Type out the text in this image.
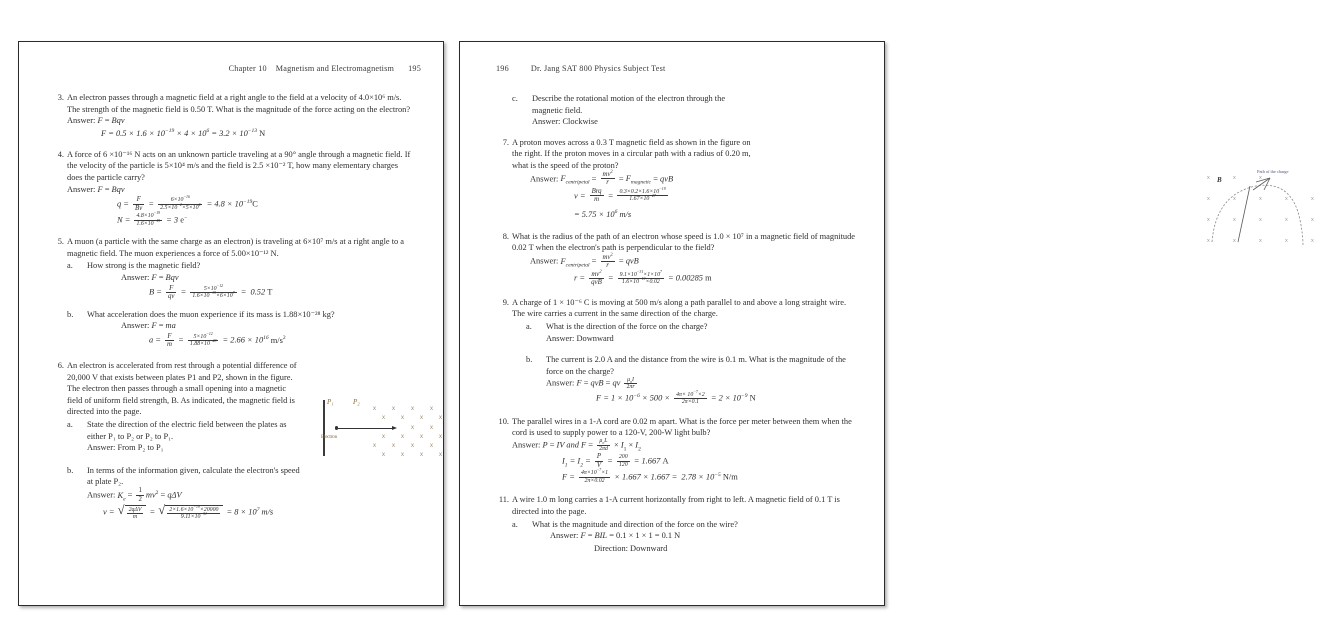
Chapter 10 Magnetism and Electromagnetism 195
3. An electron passes through a magnetic field at a right angle to the field at a velocity of 4.0×10⁶ m/s. The strength of the magnetic field is 0.50 T. What is the magnitude of the force acting on the electron?
Answer: F = Bqv
$F = 0.5 \times 1.6 \times 10^{-19} \times 4 \times 10^6 = 3.2 \times 10^{-13}$ N
4. A force of 6 ×10⁻¹⁶ N acts on an unknown particle traveling at a 90° angle through a magnetic field. If the velocity of the particle is 5×10⁴ m/s and the field is 2.5 ×10⁻² T, how many elementary charges does the particle carry?
Answer: F = Bqv
$q = \frac{F}{Bv} = \frac{6\times 10^{-16}}{2.5\times 10^{-2}\times 5\times 10^4} = 4.8 \times 10^{-19}C$
$N = \frac{4.8\times 10^{-19}}{1.6\times 10^{-19}} = 3$ e−
5. A muon (a particle with the same charge as an electron) is traveling at 6×10⁷ m/s at a right angle to a magnetic field. The muon experiences a force of 5.00×10⁻¹² N.
a.	How strong is the magnetic field?
Answer: F = Bqv
$B = \frac{F}{qv} = \frac{5\times 10^{-12}}{1.6\times 10^{-19}\times 6\times 10^7} = 0.52$ T
b.	What acceleration does the muon experience if its mass is 1.88×10⁻²⁸ kg?
Answer: F = ma
$a = \frac{F}{m} = \frac{5\times 10^{-12}}{1.88\times 10^{-28}} = 2.66 \times 10^{16}$ $m/s^2$
6. An electron is accelerated from rest through a potential difference of 20,000 V that exists between plates P1 and P2, shown in the figure. The electron then passes through a small opening into a magnetic field of uniform field strength, B. As indicated, the magnetic field is directed into the page.
a.	State the direction of the electric field between the plates as either P₁ to P₂ or P₂ to P₁.
Answer: From P₂ to P₁
b.	In terms of the information given, calculate the electron's speed at plate P₂.
Answer: $K_e = \frac{1}{2} mv^2 = q\Delta V$
v = √ $\frac{\text{2qΔV}}{m}$ = √ $\frac{2\times 1.6\times 10^{-19}\times 20000}{9.11\times 10^{-31}} = 8 \times 10^7$ m/s
P₁	P₂
Electron
x	x	x	x
x	x	x	x
x	x
x	x	x	x
x	x	x	x
x	x	x	x
196	Dr. Jang SAT 800 Physics Subject Test
c.	Describe the rotational motion of the electron through the magnetic field.
Answer: Clockwise
7. A proton moves across a 0.3 T magnetic field as shown in the figure on the right. If the proton moves in a circular path with a radius of 0.20 m, what is the speed of the proton?
Answer: $F_{centripetal} = \frac{mv^2}{r} = F_{magnetic}$ = qvB
$v = \frac{\text{Brq}}{m} = \frac{0.3\times 0.2\times 1.6\times 10^{-19}}{1.67\times 10^{-27}}$
= $5.75 \times 10^6$ m/s
8. What is the radius of the path of an electron whose speed is 1.0 × 10⁷ in a magnetic field of magnitude 0.02 T when the electron's path is perpendicular to the field?
Answer: $F_{centripetal} = \frac{mv^2}{r}$ = qvB
$r = \frac{mv^2}{\text{qvB}} = \frac{9.1\times 10^{-31}\times 1\times 10^7}{1.6\times 10^{-19}\times 0.02} = 0.00285$ m
9. A charge of 1 × 10⁻⁶ C is moving at 500 m/s along a path parallel to and above a long straight wire. The wire carries a current in the same direction of the charge.
a.	What is the direction of the force on the charge?
Answer: Downward
b.	The current is 2.0 A and the distance from the wire is 0.1 m. What is the magnitude of the force on the charge?
Answer: F = qvB = qv $\frac{\mu_oI}{2\pi r}$
$F = 1 \times 10^{-6} \times 500 \times \frac{4\pi\times 10^{-7}\times 2}{2\pi\times 0.1} = 2 \times 10^{-9}$ N
10. The parallel wires in a 1-A cord are 0.02 m apart. What is the force per meter between them when the cord is used to supply power to a 120-V, 200-W light bulb?
Answer: P = IV and $F = \frac{\mu_oL}{2\pi d} \times I_1 \times I_2$
$I_1 = I_2 = \frac{P}{V} = \frac{200}{120} = 1.667$ A
$F = \frac{4\pi\times 10^{-7}\times 1}{2\pi\times 0.02} \times 1.667 \times 1.667 = 2.78 \times 10^{-5}$ N/m
11. A wire 1.0 m long carries a 1-A current horizontally from right to left. A magnetic field of 0.1 T is directed into the page.
a.	What is the magnitude and direction of the force on the wire?
Answer: F = BIL = 0.1 × 1 × 1 = 0.1 N
Direction: Downward
B
Path of the charge
x	x	x
x	x	x	x	x
x	x	x	x	x
x	x	x	x	x
